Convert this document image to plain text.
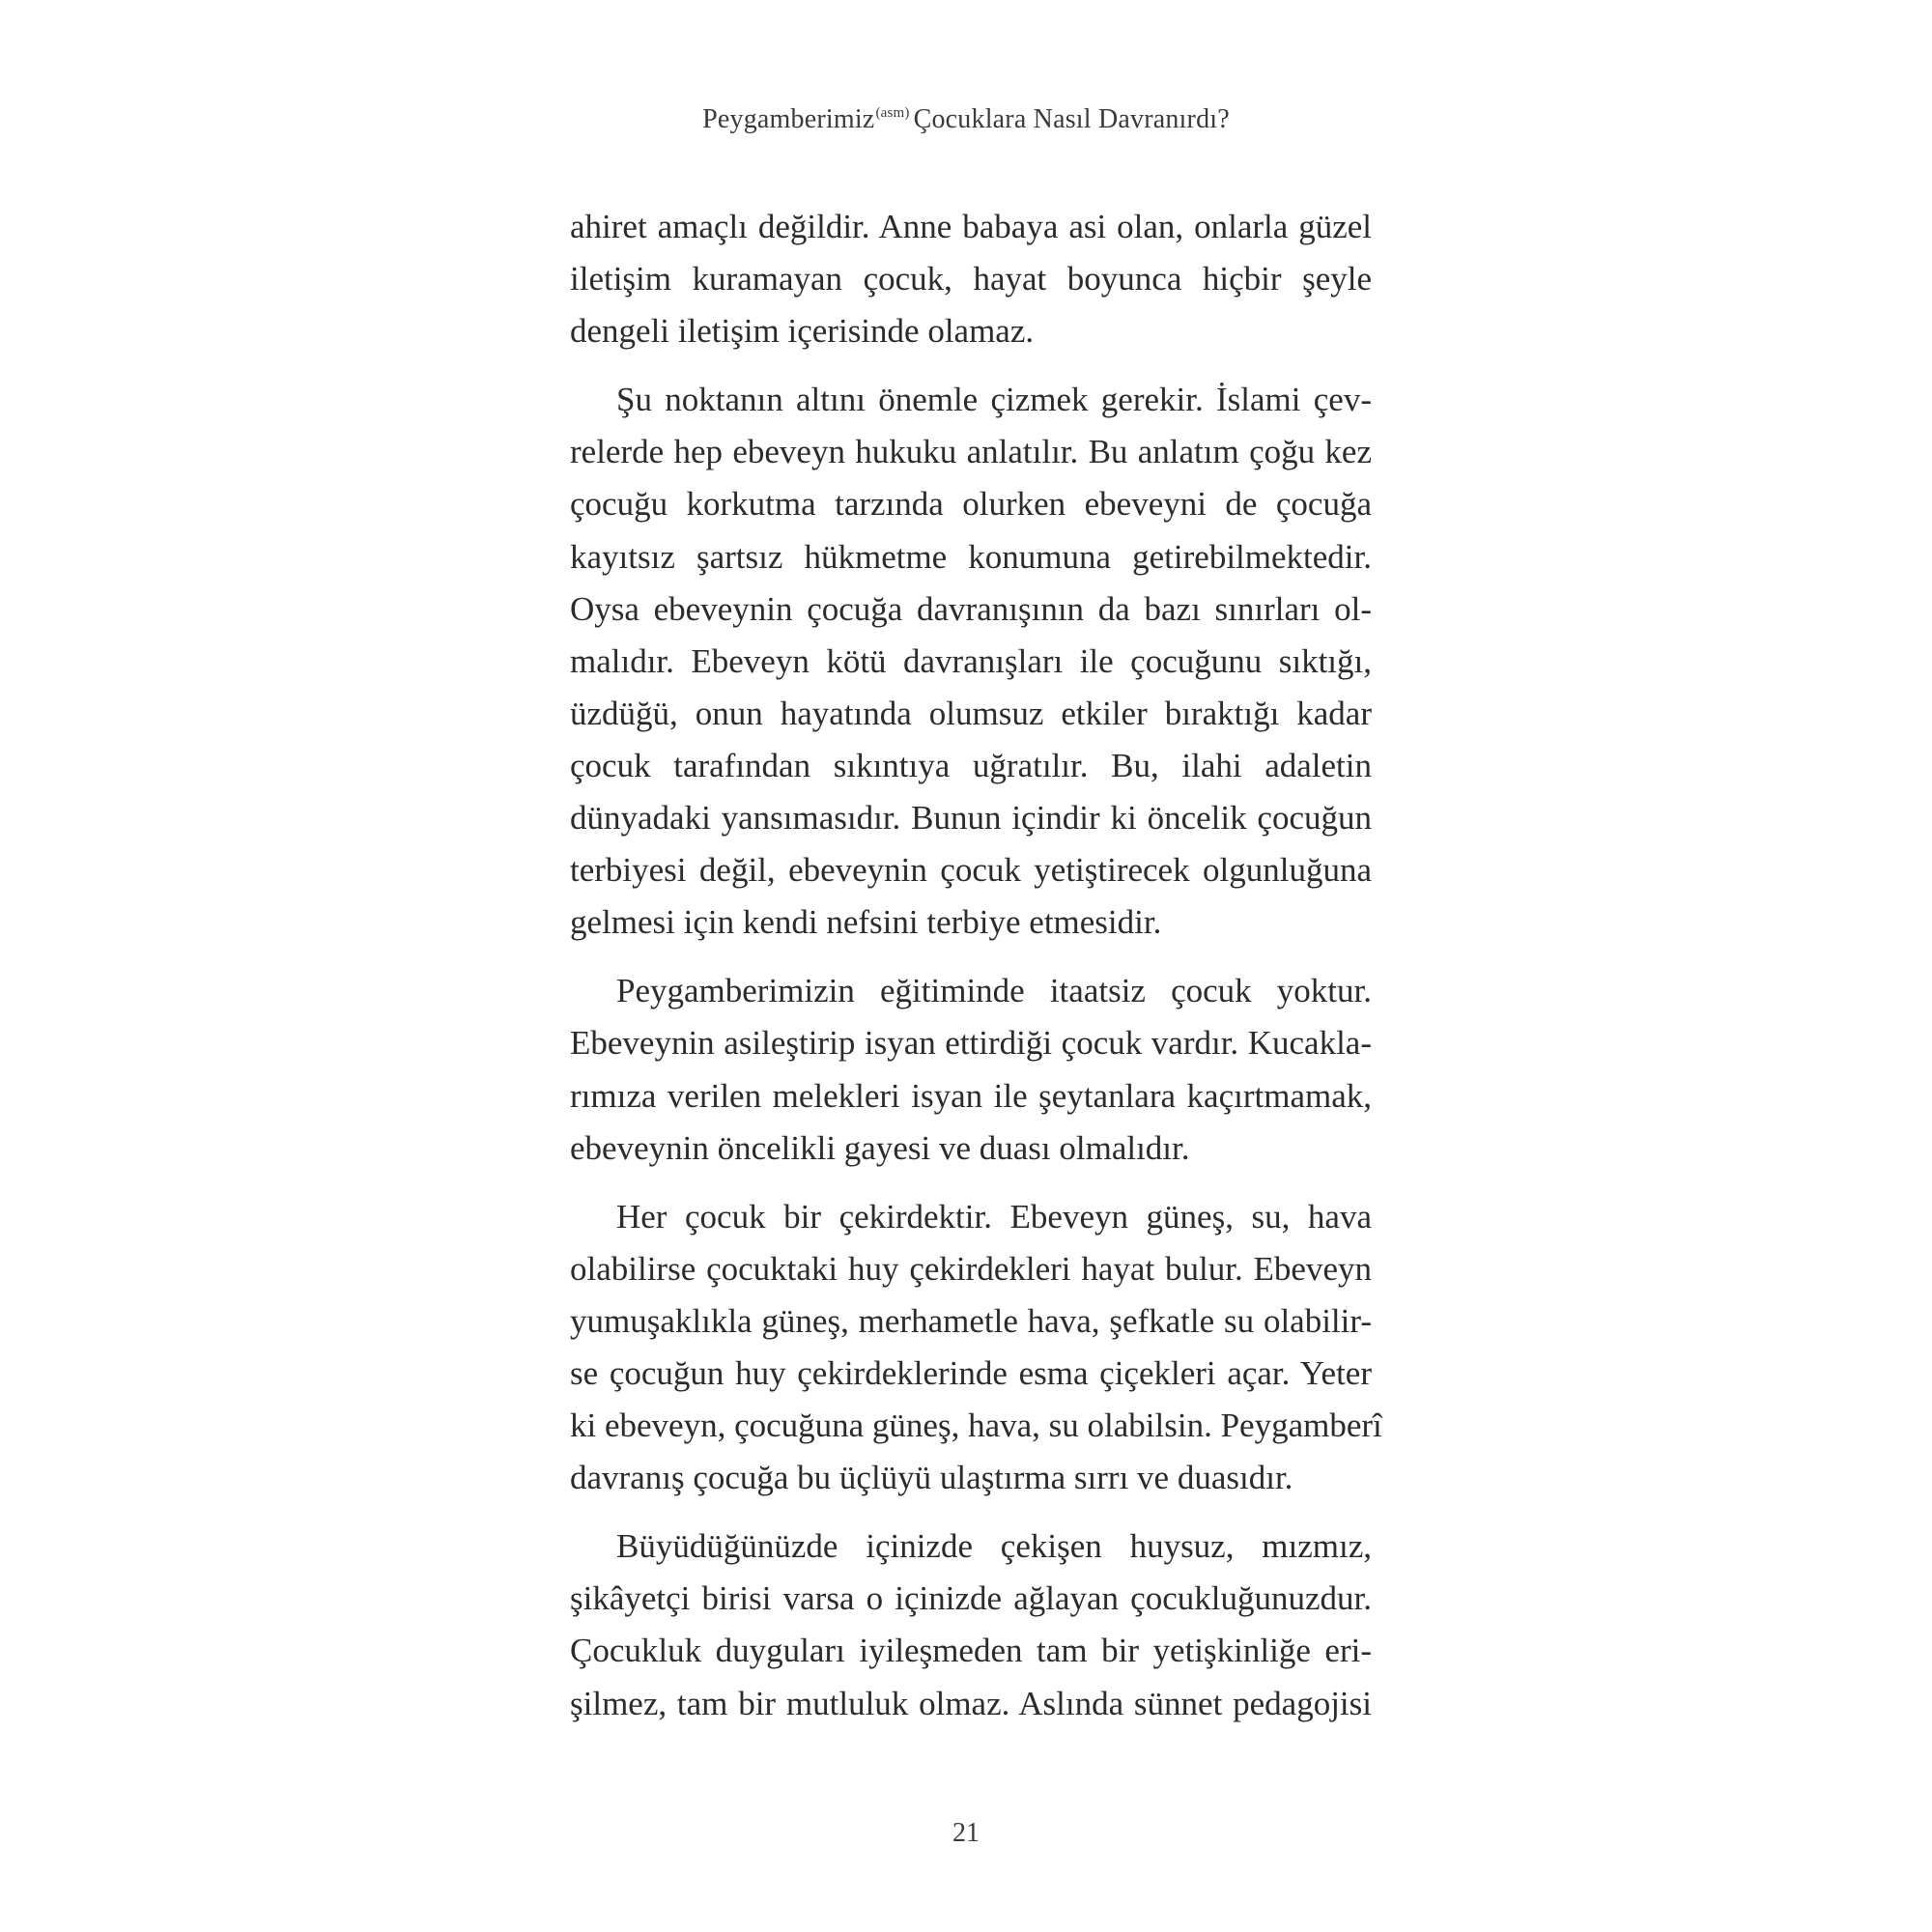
Peygamberimiz$^{(asm)}$ Çocuklara Nasıl Davranırdı?
ahiret amaçlı değildir. Anne babaya asi olan, onlarla güzel
iletişim kuramayan çocuk, hayat boyunca hiçbir şeyle
dengeli iletişim içerisinde olamaz.
Şu noktanın altını önemle çizmek gerekir. İslami çev-
relerde hep ebeveyn hukuku anlatılır. Bu anlatım çoğu kez
çocuğu korkutma tarzında olurken ebeveyni de çocuğa
kayıtsız şartsız hükmetme konumuna getirebilmektedir.
Oysa ebeveynin çocuğa davranışının da bazı sınırları ol-
malıdır. Ebeveyn kötü davranışları ile çocuğunu sıktığı,
üzdüğü, onun hayatında olumsuz etkiler bıraktığı kadar
çocuk tarafından sıkıntıya uğratılır. Bu, ilahi adaletin
dünyadaki yansımasıdır. Bunun içindir ki öncelik çocuğun
terbiyesi değil, ebeveynin çocuk yetiştirecek olgunluğuna
gelmesi için kendi nefsini terbiye etmesidir.
Peygamberimizin eğitiminde itaatsiz çocuk yoktur.
Ebeveynin asileştirip isyan ettirdiği çocuk vardır. Kucakla-
rımıza verilen melekleri isyan ile şeytanlara kaçırtmamak,
ebeveynin öncelikli gayesi ve duası olmalıdır.
Her çocuk bir çekirdektir. Ebeveyn güneş, su, hava
olabilirse çocuktaki huy çekirdekleri hayat bulur. Ebeveyn
yumuşaklıkla güneş, merhametle hava, şefkatle su olabilir-
se çocuğun huy çekirdeklerinde esma çiçekleri açar. Yeter
ki ebeveyn, çocuğuna güneş, hava, su olabilsin. Peygamberî
davranış çocuğa bu üçlüyü ulaştırma sırrı ve duasıdır.
Büyüdüğünüzde içinizde çekişen huysuz, mızmız,
şikâyetçi birisi varsa o içinizde ağlayan çocukluğunuzdur.
Çocukluk duyguları iyileşmeden tam bir yetişkinliğe eri-
şilmez, tam bir mutluluk olmaz. Aslında sünnet pedagojisi
21
